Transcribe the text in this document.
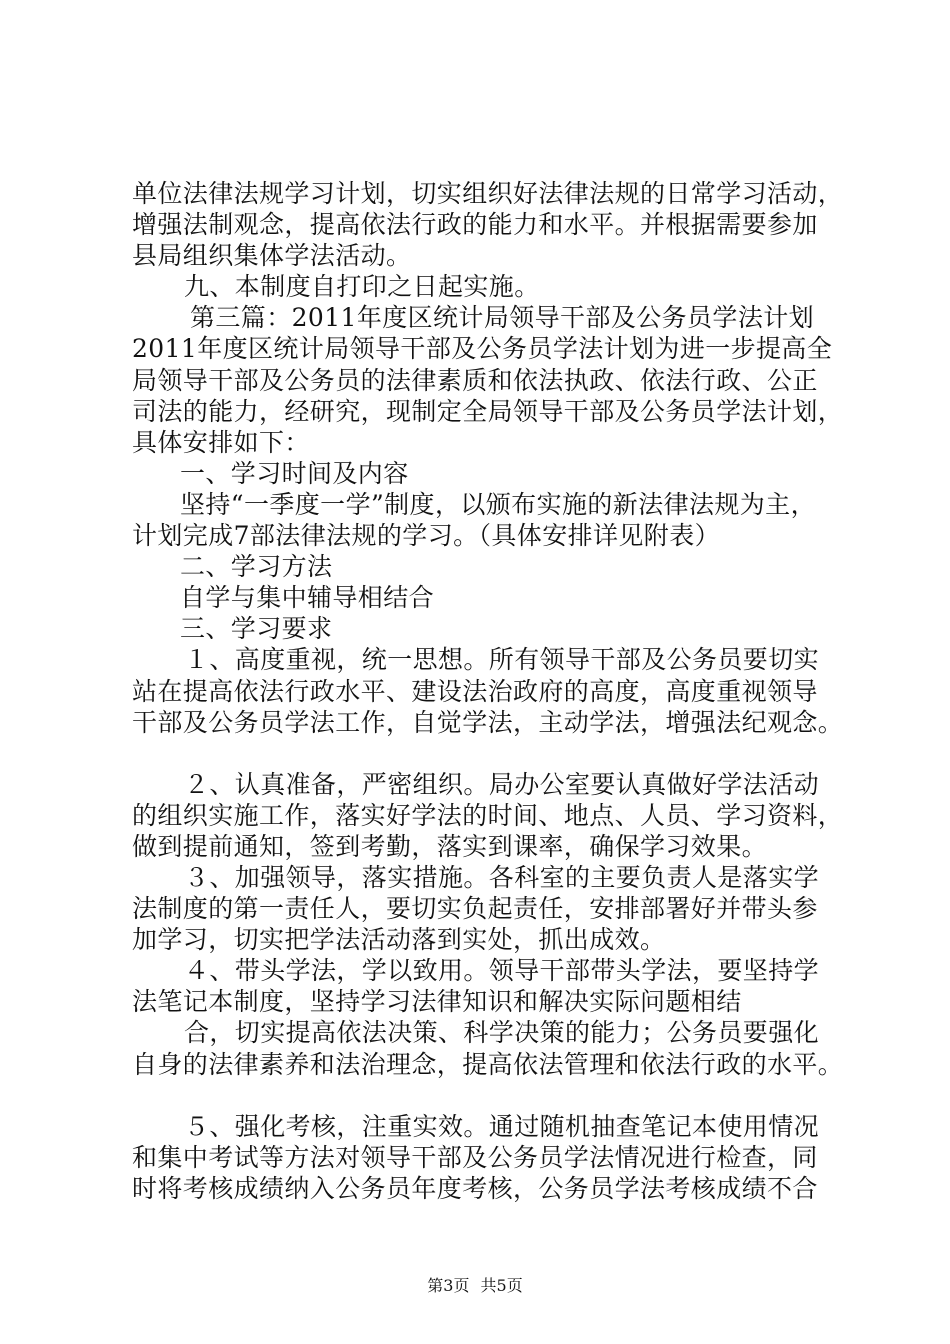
单位法律法规学习计划，切实组织好法律法规的日常学习活动，
增强法制观念，提高依法行政的能力和水平。并根据需要参加
县局组织集体学法活动。
九、本制度自打印之日起实施。
第三篇：2011年度区统计局领导干部及公务员学法计划
2011年度区统计局领导干部及公务员学法计划为进一步提高全
局领导干部及公务员的法律素质和依法执政、依法行政、公正
司法的能力，经研究，现制定全局领导干部及公务员学法计划，
具体安排如下：
一、学习时间及内容
坚持“一季度一学”制度，以颁布实施的新法律法规为主，
计划完成7部法律法规的学习。（具体安排详见附表）
二、学习方法
自学与集中辅导相结合
三、学习要求
１、高度重视，统一思想。所有领导干部及公务员要切实
站在提高依法行政水平、建设法治政府的高度，高度重视领导
干部及公务员学法工作，自觉学法，主动学法，增强法纪观念。
２、认真准备，严密组织。局办公室要认真做好学法活动
的组织实施工作，落实好学法的时间、地点、人员、学习资料，
做到提前通知，签到考勤，落实到课率，确保学习效果。
３、加强领导，落实措施。各科室的主要负责人是落实学
法制度的第一责任人，要切实负起责任，安排部署好并带头参
加学习，切实把学法活动落到实处，抓出成效。
４、带头学法，学以致用。领导干部带头学法，要坚持学
法笔记本制度，坚持学习法律知识和解决实际问题相结
合，切实提高依法决策、科学决策的能力；公务员要强化
自身的法律素养和法治理念，提高依法管理和依法行政的水平。
５、强化考核，注重实效。通过随机抽查笔记本使用情况
和集中考试等方法对领导干部及公务员学法情况进行检查，同
时将考核成绩纳入公务员年度考核，公务员学法考核成绩不合
第3页 共5页
